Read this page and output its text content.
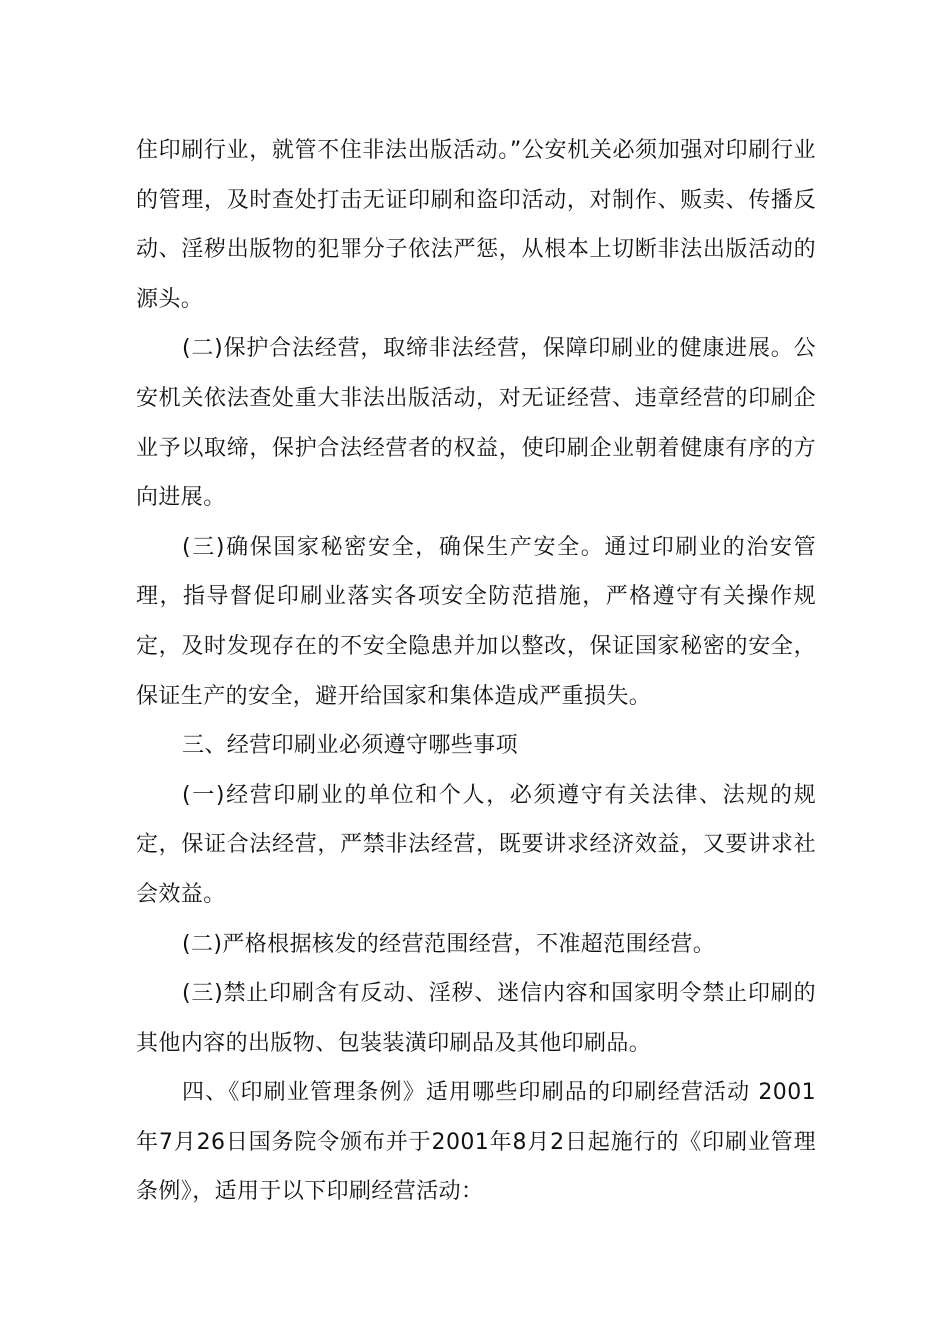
住印刷行业，就管不住非法出版活动。”公安机关必须加强对印刷行业的管理，及时查处打击无证印刷和盗印活动，对制作、贩卖、传播反动、淫秽出版物的犯罪分子依法严惩，从根本上切断非法出版活动的源头。

(二)保护合法经营，取缔非法经营，保障印刷业的健康进展。公安机关依法查处重大非法出版活动，对无证经营、违章经营的印刷企业予以取缔，保护合法经营者的权益，使印刷企业朝着健康有序的方向进展。

(三)确保国家秘密安全，确保生产安全。通过印刷业的治安管理，指导督促印刷业落实各项安全防范措施，严格遵守有关操作规定，及时发现存在的不安全隐患并加以整改，保证国家秘密的安全，保证生产的安全，避开给国家和集体造成严重损失。

三、经营印刷业必须遵守哪些事项

(一)经营印刷业的单位和个人，必须遵守有关法律、法规的规定，保证合法经营，严禁非法经营，既要讲求经济效益，又要讲求社会效益。

(二)严格根据核发的经营范围经营，不准超范围经营。

(三)禁止印刷含有反动、淫秽、迷信内容和国家明令禁止印刷的其他内容的出版物、包装装潢印刷品及其他印刷品。

四、《印刷业管理条例》适用哪些印刷品的印刷经营活动 2001年7月26日国务院令颁布并于2001年8月2日起施行的《印刷业管理条例》，适用于以下印刷经营活动：
